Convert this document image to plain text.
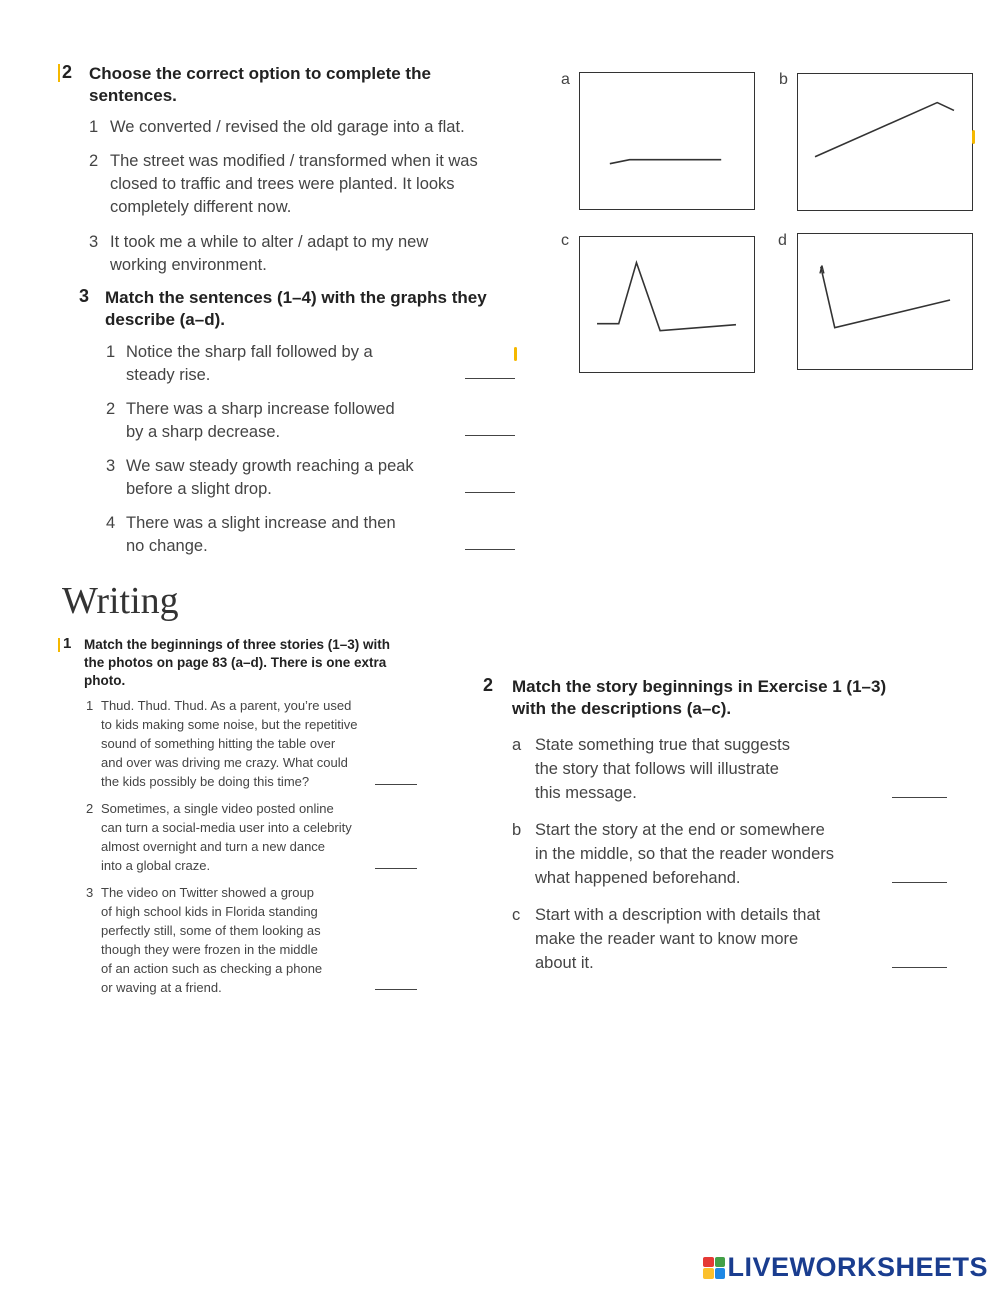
2 Choose the correct option to complete the
sentences.
1 We converted / revised the old garage into a flat.
2 The street was modified / transformed when it was
closed to traffic and trees were planted. It looks
completely different now.
3 It took me a while to alter / adapt to my new
working environment.
3 Match the sentences (1–4) with the graphs they
describe (a–d).
1 Notice the sharp fall followed by a
steady rise.
2 There was a sharp increase followed
by a sharp decrease.
3 We saw steady growth reaching a peak
before a slight drop.
4 There was a slight increase and then
no change.
a	b
c	d
Writing
1 Match the beginnings of three stories (1–3) with
the photos on page 83 (a–d). There is one extra
photo.
1 Thud. Thud. Thud. As a parent, you’re used
to kids making some noise, but the repetitive
sound of something hitting the table over
and over was driving me crazy. What could
the kids possibly be doing this time?
2 Sometimes, a single video posted online
can turn a social-media user into a celebrity
almost overnight and turn a new dance
into a global craze.
3 The video on Twitter showed a group
of high school kids in Florida standing
perfectly still, some of them looking as
though they were frozen in the middle
of an action such as checking a phone
or waving at a friend.
2 Match the story beginnings in Exercise 1 (1–3)
with the descriptions (a–c).
a State something true that suggests
the story that follows will illustrate
this message.
b Start the story at the end or somewhere
in the middle, so that the reader wonders
what happened beforehand.
c Start with a description with details that
make the reader want to know more
about it.
LIVEWORKSHEETS
